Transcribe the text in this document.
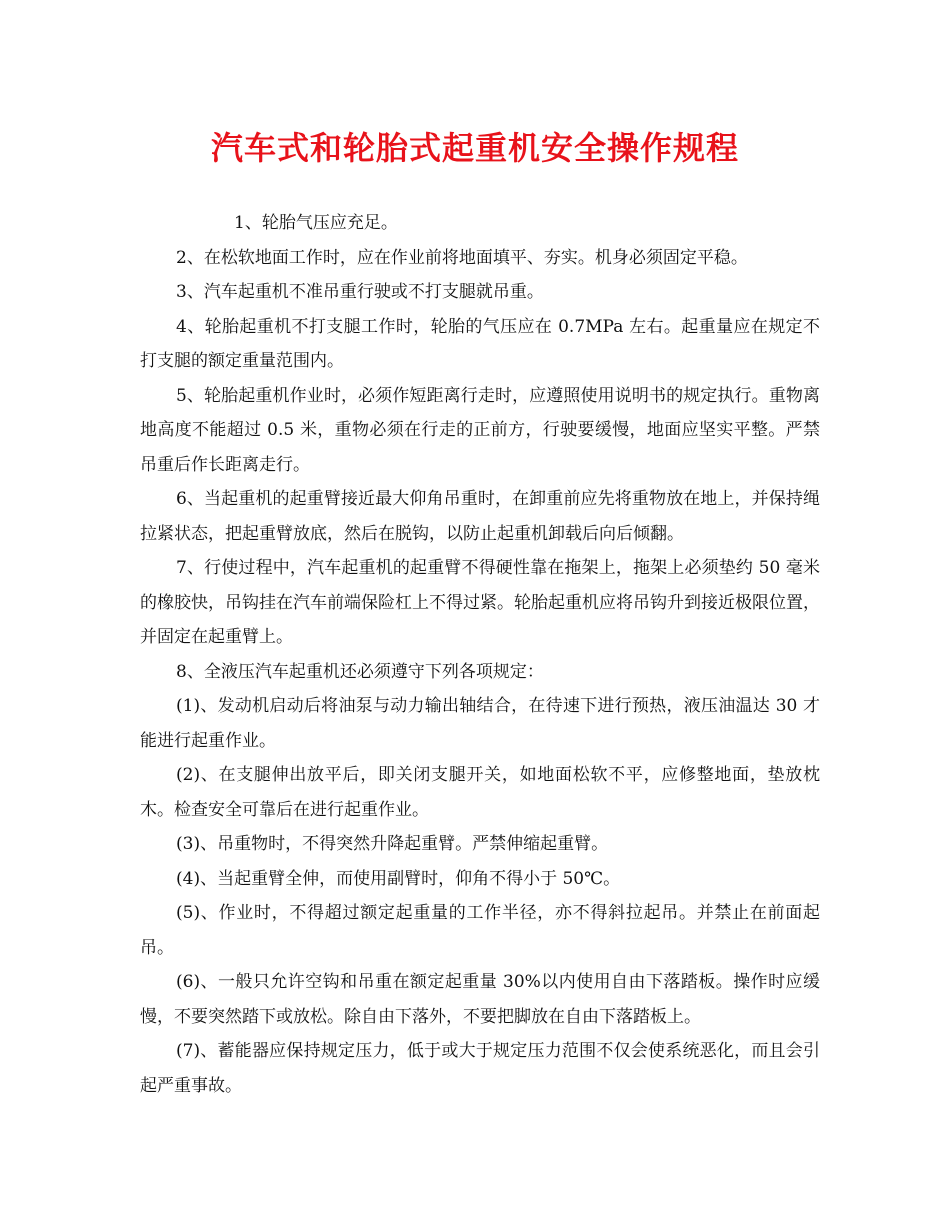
汽车式和轮胎式起重机安全操作规程

1、轮胎气压应充足。

2、在松软地面工作时，应在作业前将地面填平、夯实。机身必须固定平稳。

3、汽车起重机不准吊重行驶或不打支腿就吊重。

4、轮胎起重机不打支腿工作时，轮胎的气压应在 0.7MPa 左右。起重量应在规定不打支腿的额定重量范围内。

5、轮胎起重机作业时，必须作短距离行走时，应遵照使用说明书的规定执行。重物离地高度不能超过 0.5 米，重物必须在行走的正前方，行驶要缓慢，地面应坚实平整。严禁吊重后作长距离走行。

6、当起重机的起重臂接近最大仰角吊重时，在卸重前应先将重物放在地上，并保持绳拉紧状态，把起重臂放底，然后在脱钩，以防止起重机卸载后向后倾翻。

7、行使过程中，汽车起重机的起重臂不得硬性靠在拖架上，拖架上必须垫约 50 毫米的橡胶快，吊钩挂在汽车前端保险杠上不得过紧。轮胎起重机应将吊钩升到接近极限位置，并固定在起重臂上。

8、全液压汽车起重机还必须遵守下列各项规定：

(1)、发动机启动后将油泵与动力输出轴结合，在待速下进行预热，液压油温达 30 才能进行起重作业。

(2)、在支腿伸出放平后，即关闭支腿开关，如地面松软不平，应修整地面，垫放枕木。检查安全可靠后在进行起重作业。

(3)、吊重物时，不得突然升降起重臂。严禁伸缩起重臂。

(4)、当起重臂全伸，而使用副臂时，仰角不得小于 50℃。

(5)、作业时，不得超过额定起重量的工作半径，亦不得斜拉起吊。并禁止在前面起吊。

(6)、一般只允许空钩和吊重在额定起重量 30%以内使用自由下落踏板。操作时应缓慢，不要突然踏下或放松。除自由下落外，不要把脚放在自由下落踏板上。

(7)、蓄能器应保持规定压力，低于或大于规定压力范围不仅会使系统恶化，而且会引起严重事故。
